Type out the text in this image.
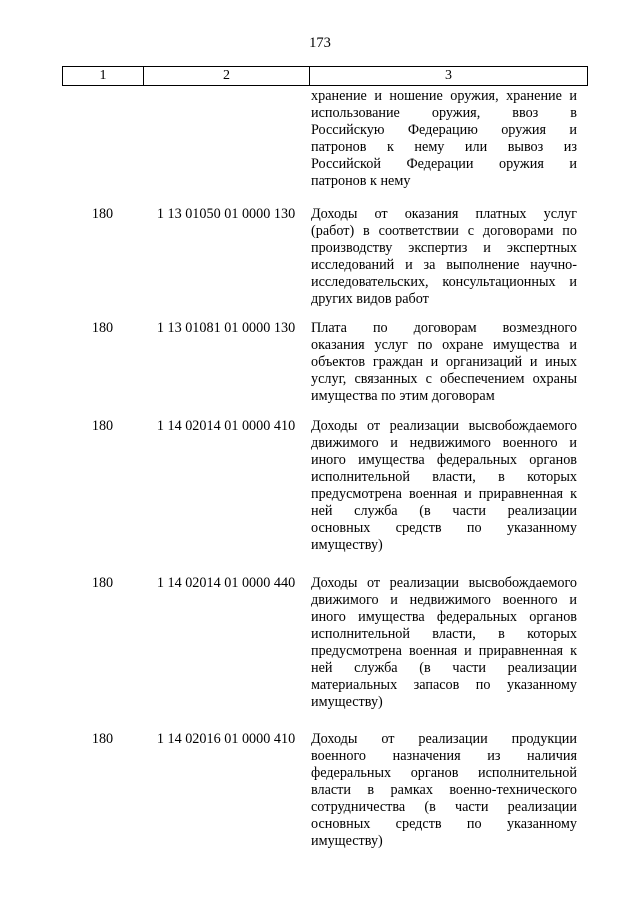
173
1	2	3
хранение и ношение оружия, хранение и
использование оружия, ввоз в
Российскую Федерацию оружия и
патронов к нему или вывоз из
Российской Федерации оружия и
патронов к нему
180	1 13 01050 01 0000 130	Доходы от оказания платных услуг
(работ) в соответствии с договорами по
производству экспертиз и экспертных
исследований и за выполнение научно-
исследовательских, консультационных и
других видов работ
180	1 13 01081 01 0000 130	Плата по договорам возмездного
оказания услуг по охране имущества и
объектов граждан и организаций и иных
услуг, связанных с обеспечением охраны
имущества по этим договорам
180	1 14 02014 01 0000 410	Доходы от реализации высвобождаемого
движимого и недвижимого военного и
иного имущества федеральных органов
исполнительной власти, в которых
предусмотрена военная и приравненная к
ней служба (в части реализации
основных средств по указанному
имуществу)
180	1 14 02014 01 0000 440	Доходы от реализации высвобождаемого
движимого и недвижимого военного и
иного имущества федеральных органов
исполнительной власти, в которых
предусмотрена военная и приравненная к
ней служба (в части реализации
материальных запасов по указанному
имуществу)
180	1 14 02016 01 0000 410	Доходы от реализации продукции
военного назначения из наличия
федеральных органов исполнительной
власти в рамках военно-технического
сотрудничества (в части реализации
основных средств по указанному
имуществу)
